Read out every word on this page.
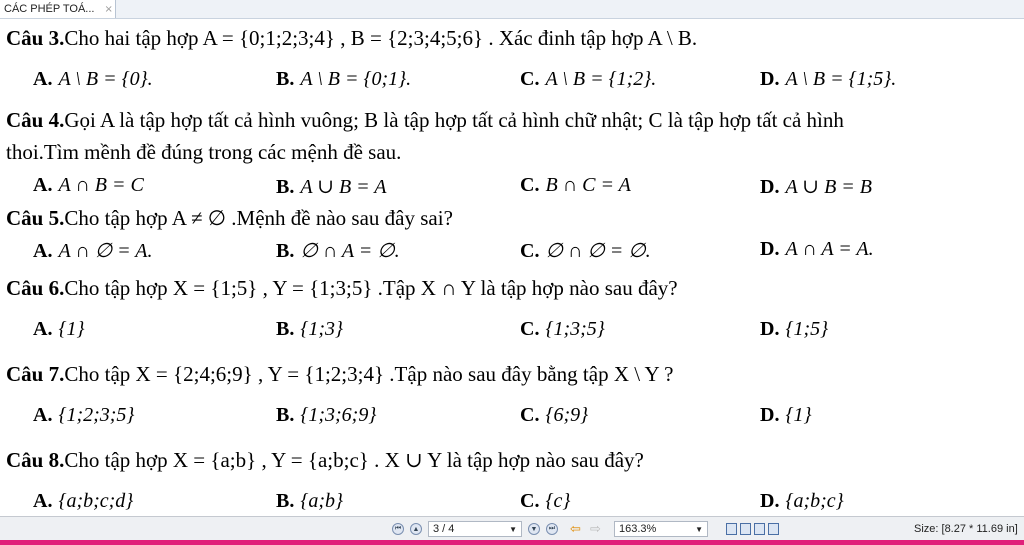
CÁC PHÉP TOÁ... ×
Câu 3.Cho hai tập hợp A = {0;1;2;3;4} , B = {2;3;4;5;6} . Xác đinh tập hợp A \ B.
A. A \ B = {0}.	B. A \ B = {0;1}.	C. A \ B = {1;2}.	D. A \ B = {1;5}.
Câu 4.Gọi A là tập hợp tất cả hình vuông; B là tập hợp tất cả hình chữ nhật; C là tập hợp tất cả hình
thoi.Tìm mềnh đề đúng trong các mệnh đề sau.
A. A ∩ B = C	B. A ∪ B = A	C. B ∩ C = A	D. A ∪ B = B
Câu 5.Cho tập hợp A ≠ ∅ .Mệnh đề nào sau đây sai?
A. A ∩ ∅ = A.	B. ∅ ∩ A = ∅.	C. ∅ ∩ ∅ = ∅.	D. A ∩ A = A.
Câu 6.Cho tập hợp X = {1;5} , Y = {1;3;5} .Tập X ∩ Y là tập hợp nào sau đây?
A. {1}	B. {1;3}	C. {1;3;5}	D. {1;5}
Câu 7.Cho tập X = {2;4;6;9} , Y = {1;2;3;4} .Tập nào sau đây bằng tập X \ Y ?
A. {1;2;3;5}	B. {1;3;6;9}	C. {6;9}	D. {1}
Câu 8.Cho tập hợp X = {a;b} , Y = {a;b;c} . X ∪ Y là tập hợp nào sau đây?
A. {a;b;c;d}	B. {a;b}	C. {c}	D. {a;b;c}
⏮	▲ 3 / 4	▼	▼	⏭ ⇦ ⇨ 163.3%	▼	Size: [8.27 * 11.69 in]
